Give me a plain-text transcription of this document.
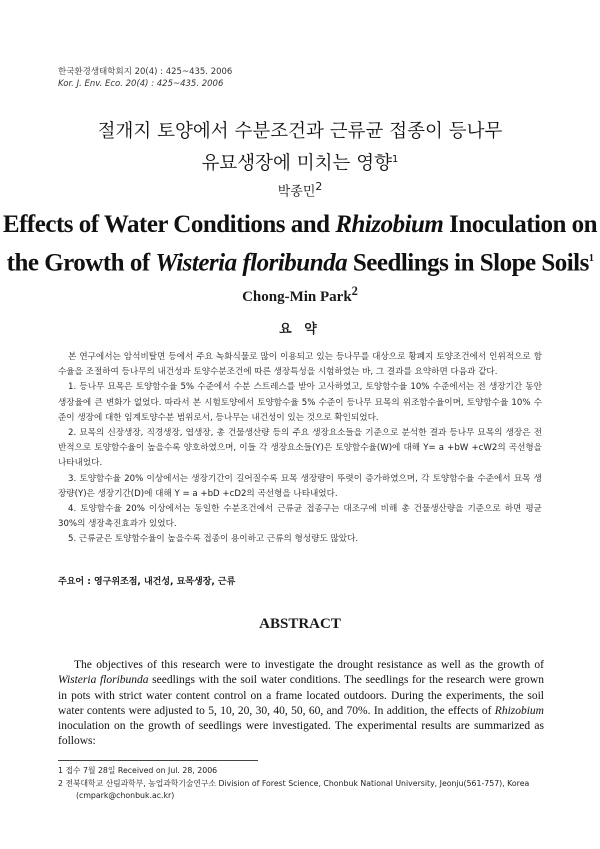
한국환경생태학회지 20(4) : 425~435. 2006
Kor. J. Env. Eco. 20(4) : 425~435. 2006
절개지 토양에서 수분조건과 근류균 접종이 등나무
유묘생장에 미치는 영향$^1$
박종민$^2$
Effects of Water Conditions and Rhizobium Inoculation on
the Growth of Wisteria floribunda Seedlings in Slope Soils$^1$
Chong-Min Park$^2$
요 약

본 연구에서는 암석비탈면 등에서 주요 녹화식물로 많이 이용되고 있는 등나무를 대상으로 황폐지 토양조건에서 인위적으로 함수율을 조절하여 등나무의 내건성과 토양수분조건에 따른 생장특성을 시험하였는 바, 그 결과를 요약하면 다음과 같다.

1. 등나무 묘목은 토양함수율 5% 수준에서 수분 스트레스를 받아 고사하였고, 토양함수율 10% 수준에서는 전 생장기간 동안 생장율에 큰 변화가 없었다. 따라서 본 시험토양에서 토양함수율 5% 수준이 등나무 묘목의 위조함수율이며, 토양함수율 10% 수준이 생장에 대한 임계토양수분 범위로서, 등나무는 내건성이 있는 것으로 확인되었다.

2. 묘목의 신장생장, 직경생장, 엽생장, 총 건물생산량 등의 주요 생장요소들을 기준으로 분석한 결과 등나무 묘목의 생장은 전반적으로 토양함수율이 높을수록 양호하였으며, 이들 각 생장요소들(Y)은 토양함수율(W)에 대해 Y= a +bW +cW2의 곡선형을 나타내었다.

3. 토양함수율 20% 이상에서는 생장기간이 길어질수록 묘목 생장량이 뚜렷이 증가하였으며, 각 토양함수율 수준에서 묘목 생장량(Y)은 생장기간(D)에 대해 Y = a +bD +cD2의 곡선형을 나타내었다.

4. 토양함수율 20% 이상에서는 동일한 수분조건에서 근류균 접종구는 대조구에 비해 총 건물생산량을 기준으로 하면 평균 30%의 생장촉진효과가 있었다.

5. 근류균은 토양함수율이 높을수록 접종이 용이하고 근류의 형성량도 많았다.

주요어 : 영구위조점, 내건성, 묘목생장, 근류
ABSTRACT

The objectives of this research were to investigate the drought resistance as well as the growth of Wisteria floribunda seedlings with the soil water conditions. The seedlings for the research were grown in pots with strict water content control on a frame located outdoors. During the experiments, the soil water contents were adjusted to 5, 10, 20, 30, 40, 50, 60, and 70%. In addition, the effects of Rhizobium inoculation on the growth of seedlings were investigated. The experimental results are summarized as follows:

1 접수 7월 28일 Received on Jul. 28, 2006
2 전북대학교 산림과학부, 농업과학기술연구소 Division of Forest Science, Chonbuk National University, Jeonju(561-757), Korea
(cmpark@chonbuk.ac.kr)
